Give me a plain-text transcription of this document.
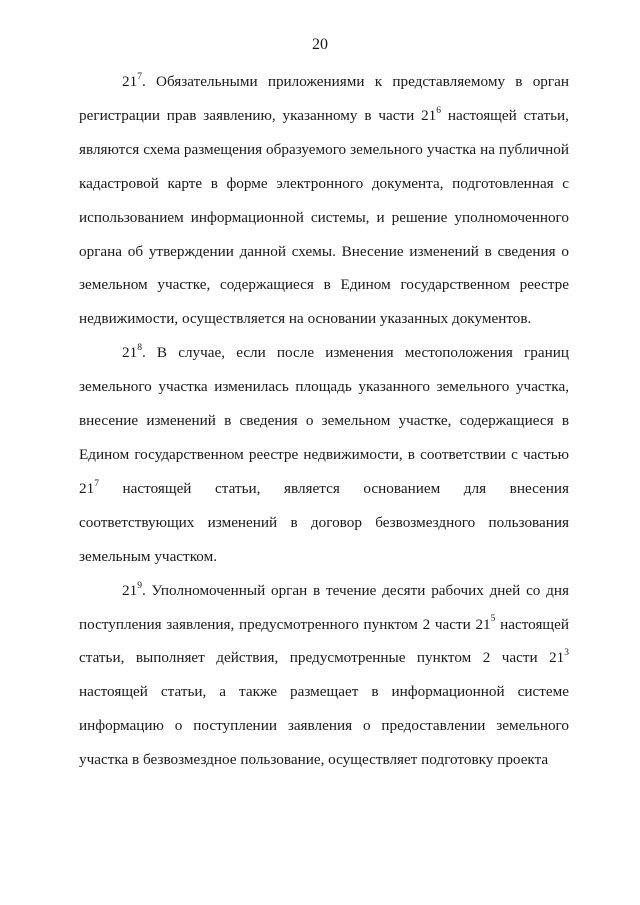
20

$21^7$. Обязательными приложениями к представляемому в орган регистрации прав заявлению, указанному в части $21^6$ настоящей статьи, являются схема размещения образуемого земельного участка на публичной кадастровой карте в форме электронного документа, подготовленная с использованием информационной системы, и решение уполномоченного органа об утверждении данной схемы. Внесение изменений в сведения о земельном участке, содержащиеся в Едином государственном реестре недвижимости, осуществляется на основании указанных документов.

$21^8$. В случае, если после изменения местоположения границ земельного участка изменилась площадь указанного земельного участка, внесение изменений в сведения о земельном участке, содержащиеся в Едином государственном реестре недвижимости, в соответствии с частью $21^7$ настоящей статьи, является основанием для внесения соответствующих изменений в договор безвозмездного пользования земельным участком.

$21^9$. Уполномоченный орган в течение десяти рабочих дней со дня поступления заявления, предусмотренного пунктом 2 части $21^5$ настоящей статьи, выполняет действия, предусмотренные пунктом 2 части $21^3$ настоящей статьи, а также размещает в информационной системе информацию о поступлении заявления о предоставлении земельного участка в безвозмездное пользование, осуществляет подготовку проекта
